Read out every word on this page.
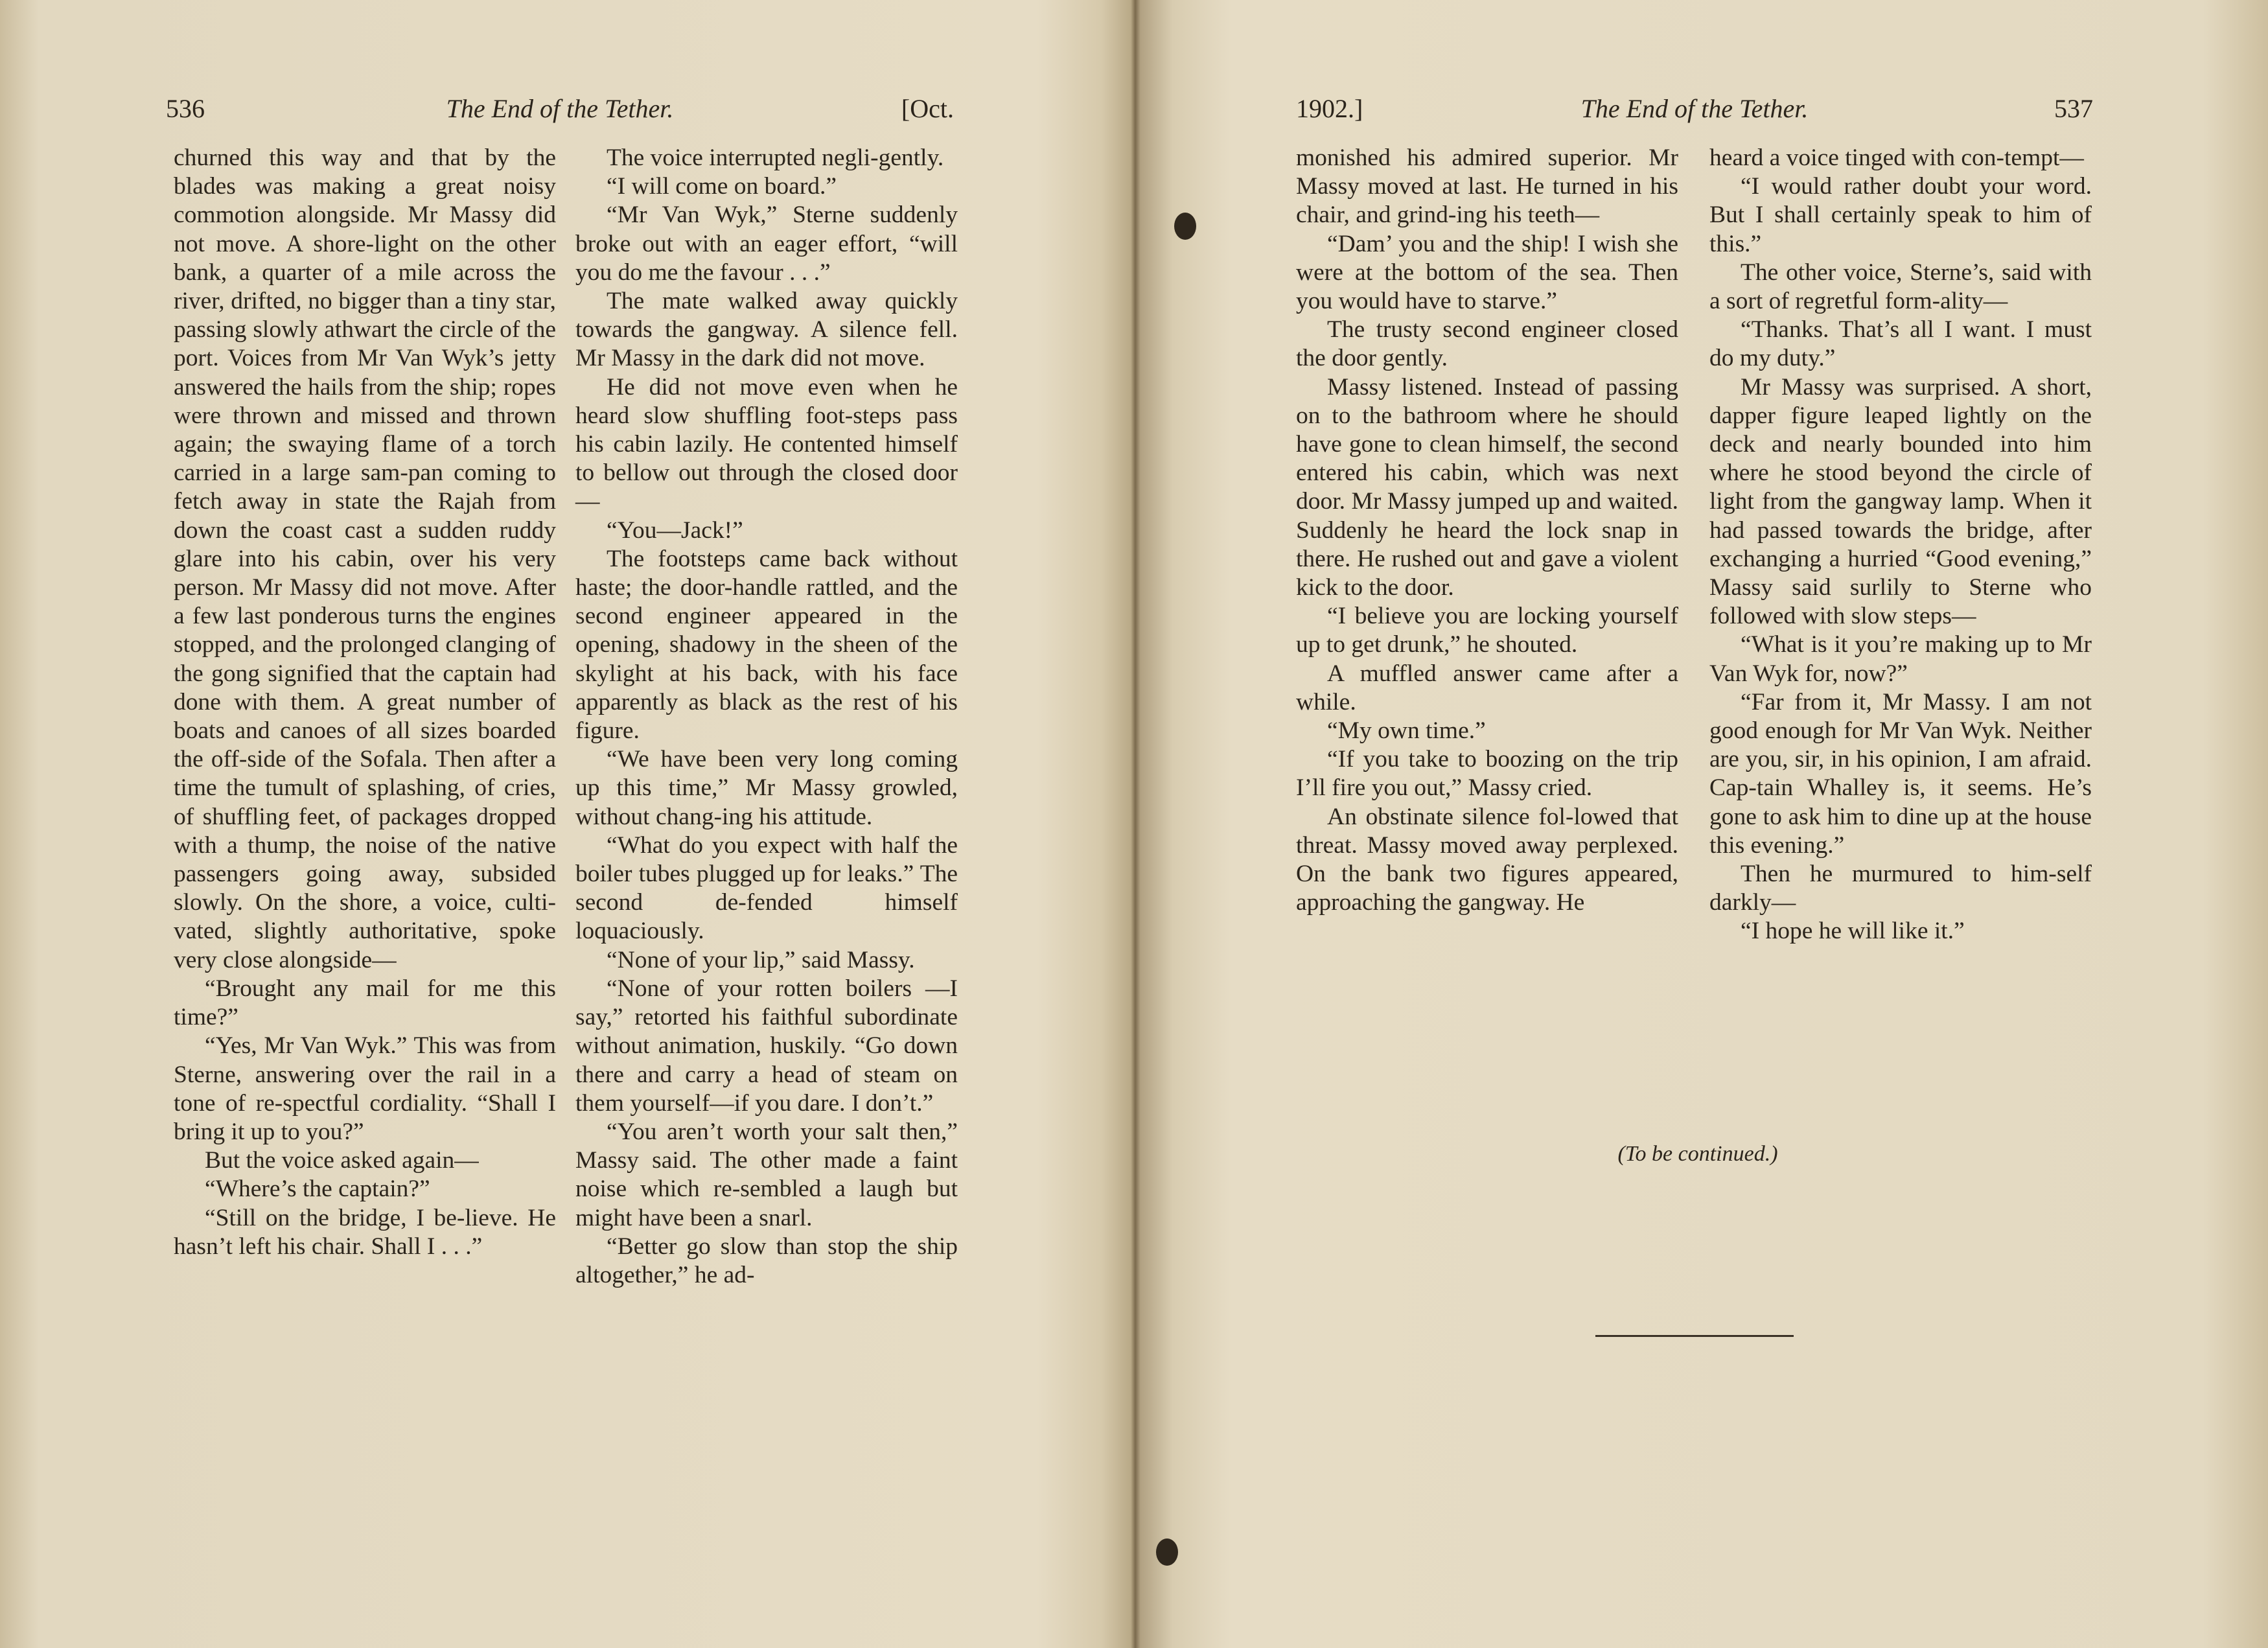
536	The End of the Tether.	[Oct.

churned this way and that by the blades was making a great noisy commotion alongside. Mr Massy did not move. A shore-light on the other bank, a quarter of a mile across the river, drifted, no bigger than a tiny star, passing slowly athwart the circle of the port. Voices from Mr Van Wyk’s jetty answered the hails from the ship; ropes were thrown and missed and thrown again; the swaying flame of a torch carried in a large sam-pan coming to fetch away in state the Rajah from down the coast cast a sudden ruddy glare into his cabin, over his very person. Mr Massy did not move. After a few last ponderous turns the engines stopped, and the prolonged clanging of the gong signified that the captain had done with them. A great number of boats and canoes of all sizes boarded the off-side of the Sofala. Then after a time the tumult of splashing, of cries, of shuffling feet, of packages dropped with a thump, the noise of the native passengers going away, subsided slowly. On the shore, a voice, culti-vated, slightly authoritative, spoke very close alongside—

“Brought any mail for me this time?”

“Yes, Mr Van Wyk.” This was from Sterne, answering over the rail in a tone of re-spectful cordiality. “Shall I bring it up to you?”

But the voice asked again—

“Where’s the captain?”

“Still on the bridge, I be-lieve. He hasn’t left his chair. Shall I . . .”

The voice interrupted negli-gently.

“I will come on board.”

“Mr Van Wyk,” Sterne suddenly broke out with an eager effort, “will you do me the favour . . .”

The mate walked away quickly towards the gangway. A silence fell. Mr Massy in the dark did not move.

He did not move even when he heard slow shuffling foot-steps pass his cabin lazily. He contented himself to bellow out through the closed door—

“You—Jack!”

The footsteps came back without haste; the door-handle rattled, and the second engineer appeared in the opening, shadowy in the sheen of the skylight at his back, with his face apparently as black as the rest of his figure.

“We have been very long coming up this time,” Mr Massy growled, without chang-ing his attitude.

“What do you expect with half the boiler tubes plugged up for leaks.” The second de-fended himself loquaciously.

“None of your lip,” said Massy.

“None of your rotten boilers —I say,” retorted his faithful subordinate without animation, huskily. “Go down there and carry a head of steam on them yourself—if you dare. I don’t.”

“You aren’t worth your salt then,” Massy said. The other made a faint noise which re-sembled a laugh but might have been a snarl.

“Better go slow than stop the ship altogether,” he ad-

1902.]	The End of the Tether.	537

monished his admired superior. Mr Massy moved at last. He turned in his chair, and grind-ing his teeth—

“Dam’ you and the ship! I wish she were at the bottom of the sea. Then you would have to starve.”

The trusty second engineer closed the door gently.

Massy listened. Instead of passing on to the bathroom where he should have gone to clean himself, the second entered his cabin, which was next door. Mr Massy jumped up and waited. Suddenly he heard the lock snap in there. He rushed out and gave a violent kick to the door.

“I believe you are locking yourself up to get drunk,” he shouted.

A muffled answer came after a while.

“My own time.”

“If you take to boozing on the trip I’ll fire you out,” Massy cried.

An obstinate silence fol-lowed that threat. Massy moved away perplexed. On the bank two figures appeared, approaching the gangway. He

heard a voice tinged with con-tempt—

“I would rather doubt your word. But I shall certainly speak to him of this.”

The other voice, Sterne’s, said with a sort of regretful form-ality—

“Thanks. That’s all I want. I must do my duty.”

Mr Massy was surprised. A short, dapper figure leaped lightly on the deck and nearly bounded into him where he stood beyond the circle of light from the gangway lamp. When it had passed towards the bridge, after exchanging a hurried “Good evening,” Massy said surlily to Sterne who followed with slow steps—

“What is it you’re making up to Mr Van Wyk for, now?”

“Far from it, Mr Massy. I am not good enough for Mr Van Wyk. Neither are you, sir, in his opinion, I am afraid. Cap-tain Whalley is, it seems. He’s gone to ask him to dine up at the house this evening.”

Then he murmured to him-self darkly—

“I hope he will like it.”

(To be continued.)
